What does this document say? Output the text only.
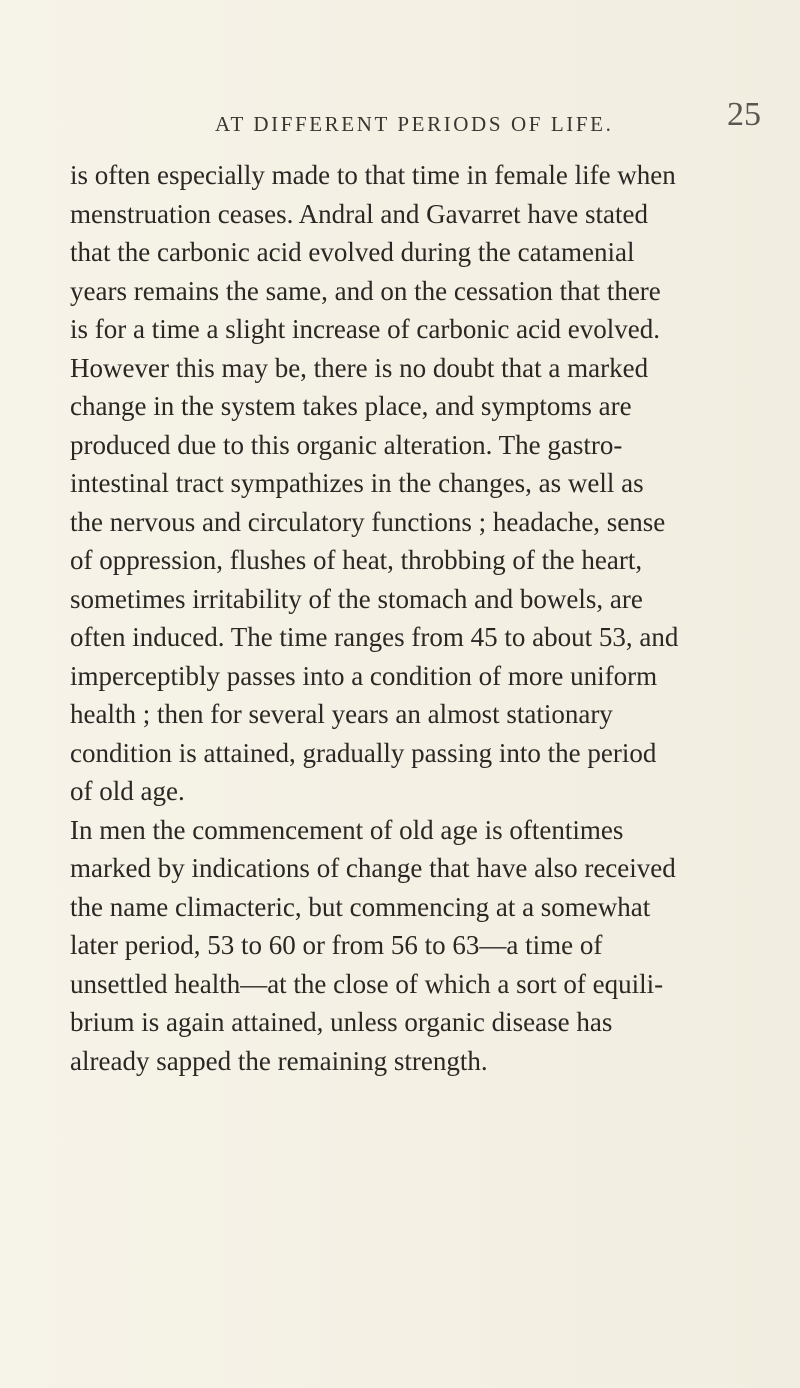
AT DIFFERENT PERIODS OF LIFE.	25
is often especially made to that time in female life when
menstruation ceases. Andral and Gavarret have stated
that the carbonic acid evolved during the catamenial
years remains the same, and on the cessation that there
is for a time a slight increase of carbonic acid evolved.
However this may be, there is no doubt that a marked
change in the system takes place, and symptoms are
produced due to this organic alteration. The gastro-
intestinal tract sympathizes in the changes, as well as
the nervous and circulatory functions ; headache, sense
of oppression, flushes of heat, throbbing of the heart,
sometimes irritability of the stomach and bowels, are
often induced. The time ranges from 45 to about 53, and
imperceptibly passes into a condition of more uniform
health ; then for several years an almost stationary
condition is attained, gradually passing into the period
of old age.
In men the commencement of old age is oftentimes
marked by indications of change that have also received
the name climacteric, but commencing at a somewhat
later period, 53 to 60 or from 56 to 63—a time of
unsettled health—at the close of which a sort of equili-
brium is again attained, unless organic disease has
already sapped the remaining strength.
